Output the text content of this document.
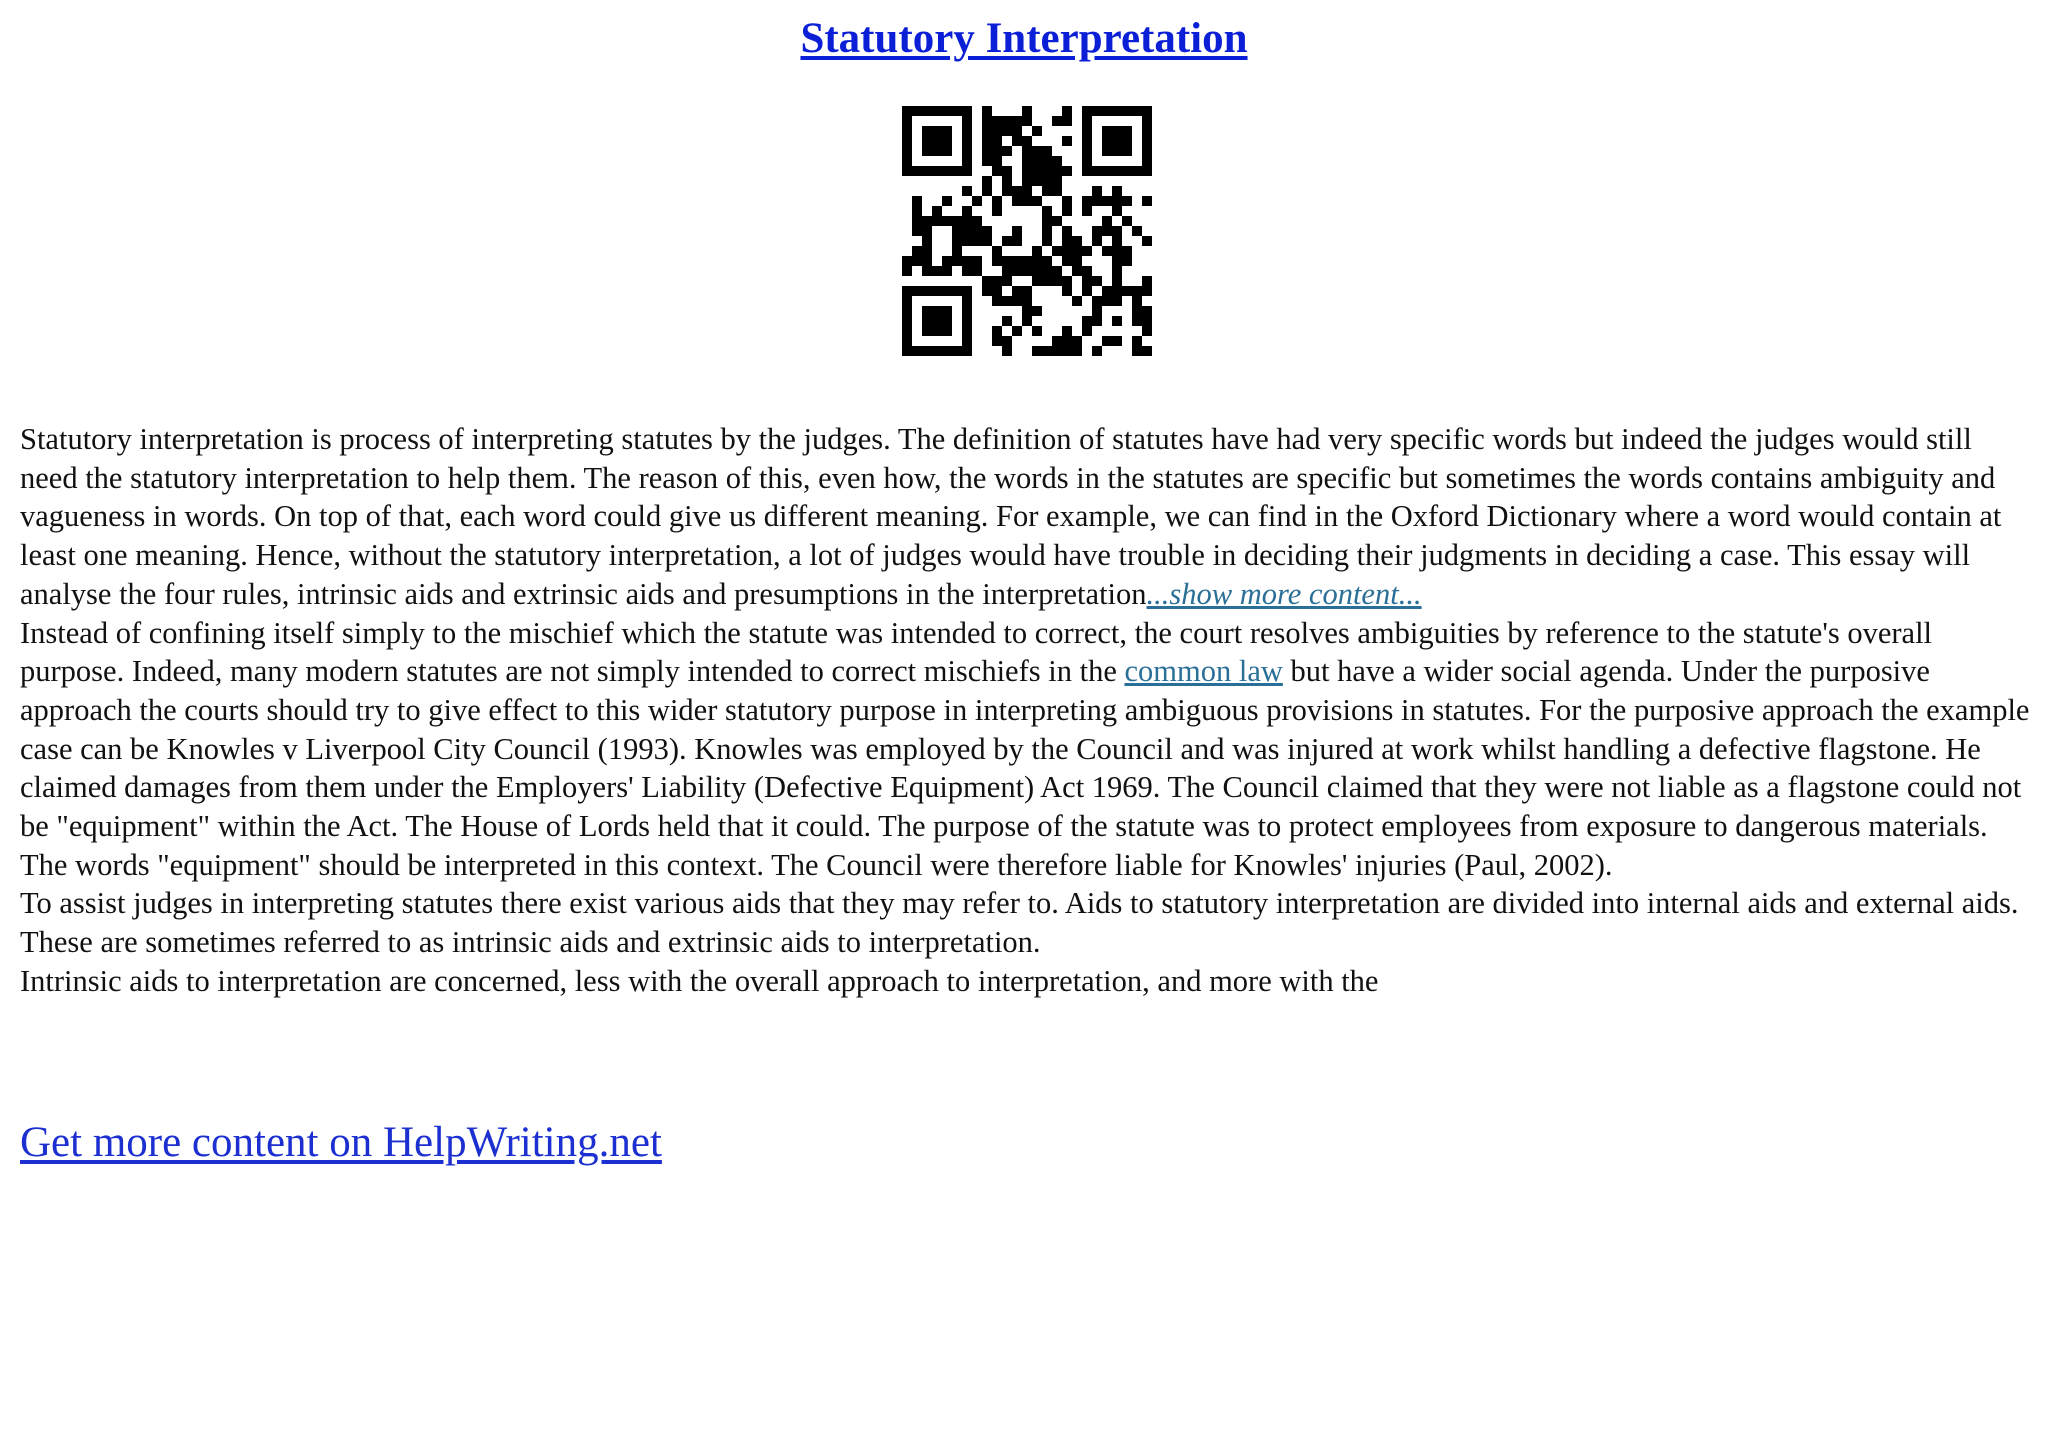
Statutory Interpretation

Statutory interpretation is process of interpreting statutes by the judges. The definition of statutes have had very specific words but indeed the judges would still need the statutory interpretation to help them. The reason of this, even how, the words in the statutes are specific but sometimes the words contains ambiguity and vagueness in words. On top of that, each word could give us different meaning. For example, we can find in the Oxford Dictionary where a word would contain at least one meaning. Hence, without the statutory interpretation, a lot of judges would have trouble in deciding their judgments in deciding a case. This essay will analyse the four rules, intrinsic aids and extrinsic aids and presumptions in the interpretation...show more content...

Instead of confining itself simply to the mischief which the statute was intended to correct, the court resolves ambiguities by reference to the statute's overall purpose. Indeed, many modern statutes are not simply intended to correct mischiefs in the common law but have a wider social agenda. Under the purposive approach the courts should try to give effect to this wider statutory purpose in interpreting ambiguous provisions in statutes. For the purposive approach the example case can be Knowles v Liverpool City Council (1993). Knowles was employed by the Council and was injured at work whilst handling a defective flagstone. He claimed damages from them under the Employers' Liability (Defective Equipment) Act 1969. The Council claimed that they were not liable as a flagstone could not be "equipment" within the Act. The House of Lords held that it could. The purpose of the statute was to protect employees from exposure to dangerous materials. The words "equipment" should be interpreted in this context. The Council were therefore liable for Knowles' injuries (Paul, 2002).

To assist judges in interpreting statutes there exist various aids that they may refer to. Aids to statutory interpretation are divided into internal aids and external aids. These are sometimes referred to as intrinsic aids and extrinsic aids to interpretation.

Intrinsic aids to interpretation are concerned, less with the overall approach to interpretation, and more with the

Get more content on HelpWriting.net
